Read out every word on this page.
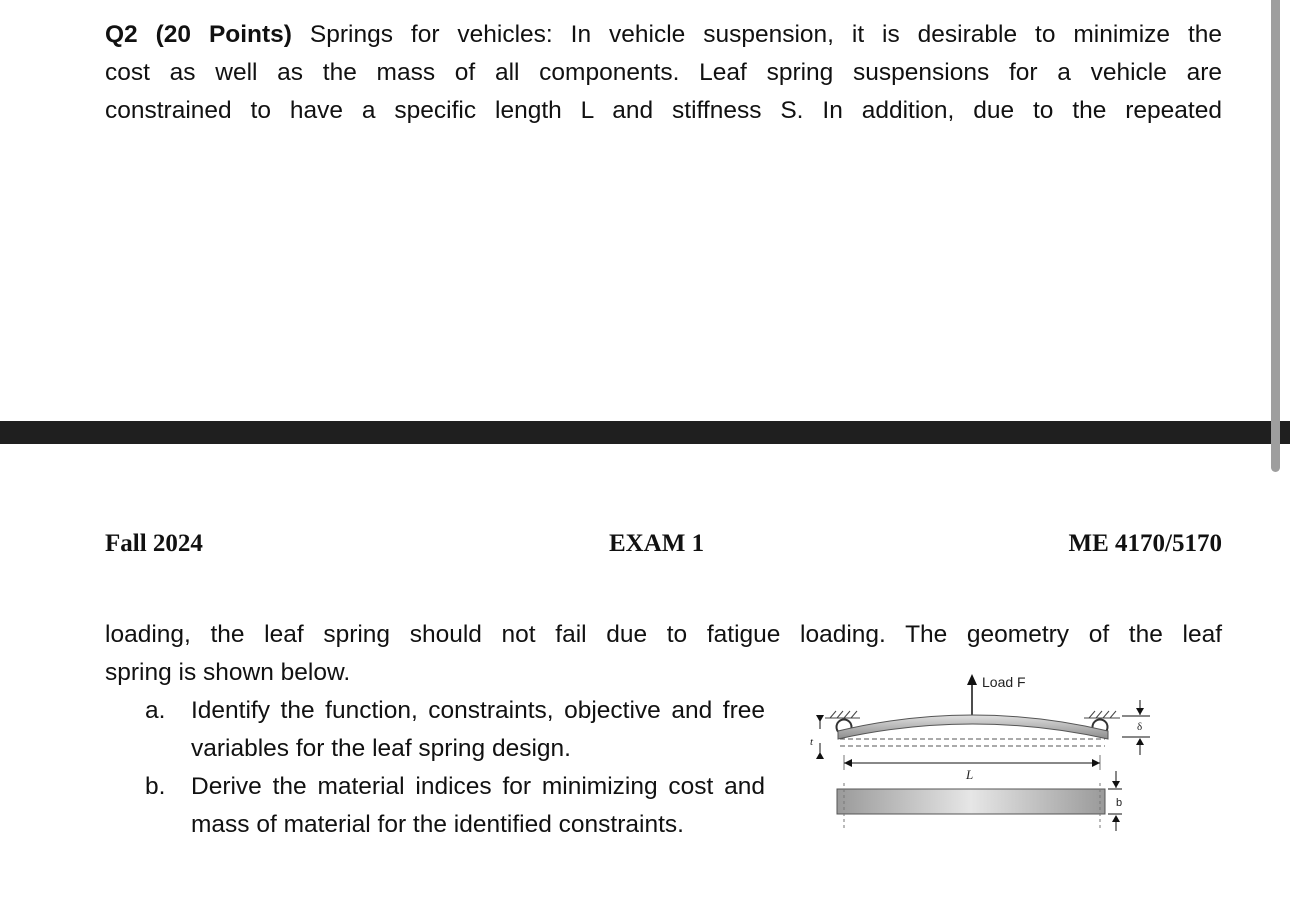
Q2 (20 Points) Springs for vehicles: In vehicle suspension, it is desirable to minimize the
cost as well as the mass of all components. Leaf spring suspensions for a vehicle are
constrained to have a specific length L and stiffness S. In addition, due to the repeated

Fall 2024	EXAM 1	ME 4170/5170

loading, the leaf spring should not fail due to fatigue loading. The geometry of the leaf
spring is shown below.

a. Identify the function, constraints, objective and free variables for the leaf spring design.
b. Derive the material indices for minimizing cost and mass of material for the identified constraints.
Load F
t
δ
L
b
